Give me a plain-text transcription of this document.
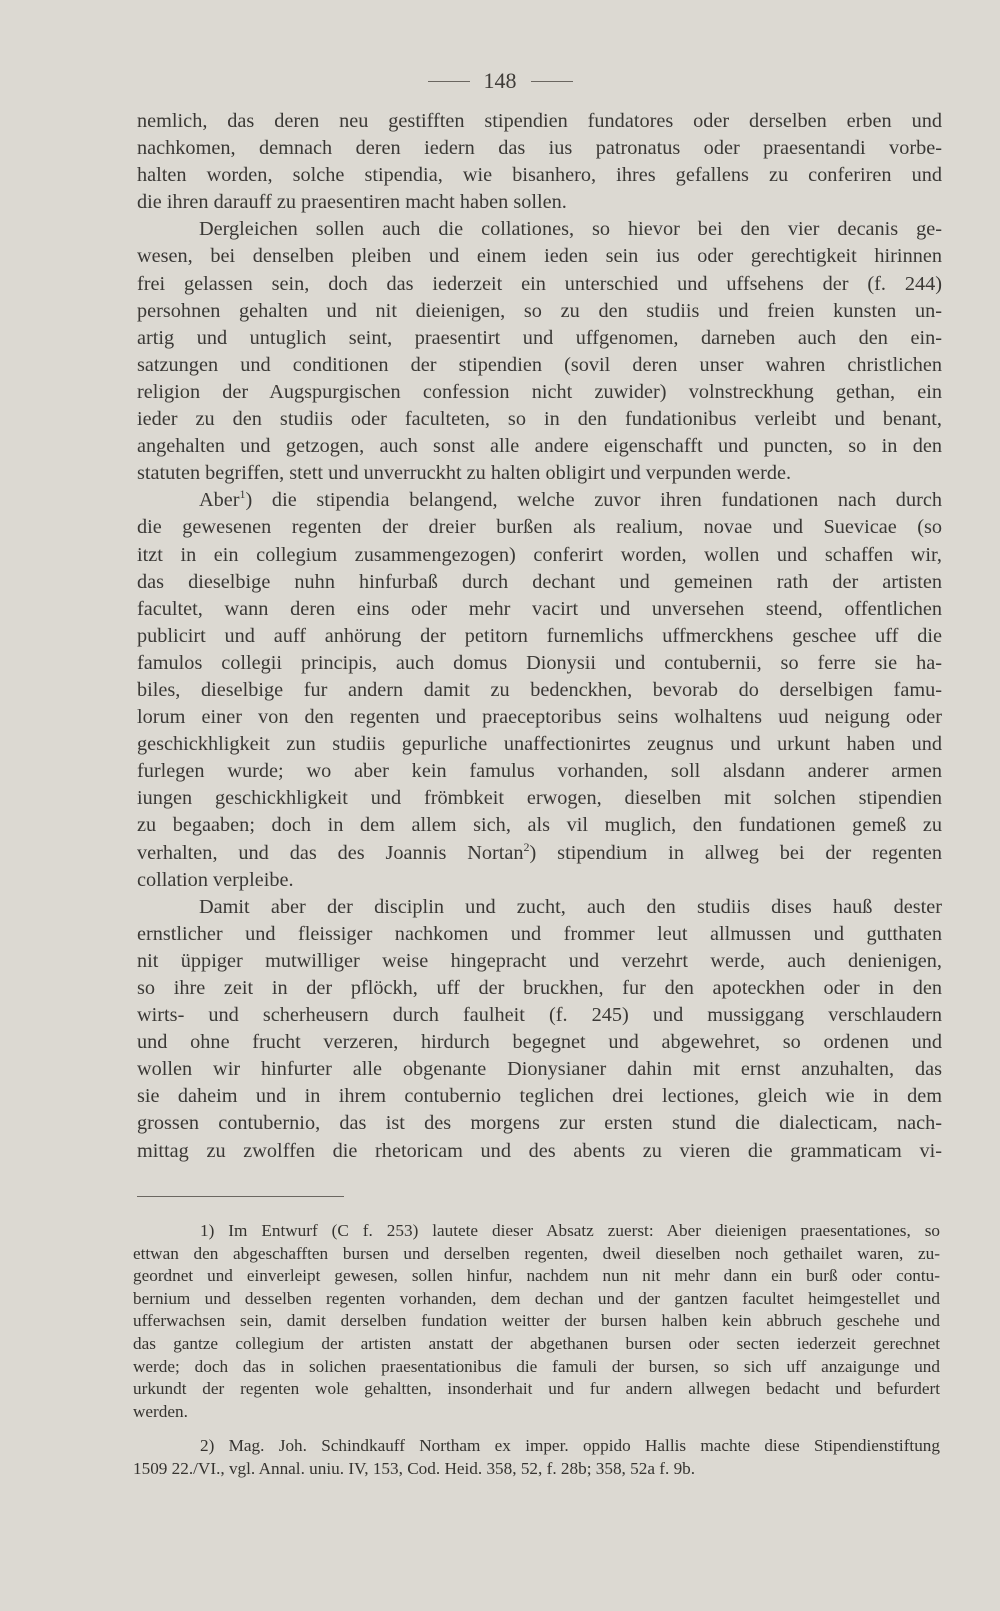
148

nemlich, das deren neu gestifften stipendien fundatores oder derselben erben und
nachkomen, demnach deren iedern das ius patronatus oder praesentandi vorbe-
halten worden, solche stipendia, wie bisanhero, ihres gefallens zu conferiren und
die ihren darauff zu praesentiren macht haben sollen.

Dergleichen sollen auch die collationes, so hievor bei den vier decanis ge-
wesen, bei denselben pleiben und einem ieden sein ius oder gerechtigkeit hirinnen
frei gelassen sein, doch das iederzeit ein unterschied und uffsehens der (f. 244)
persohnen gehalten und nit dieienigen, so zu den studiis und freien kunsten un-
artig und untuglich seint, praesentirt und uffgenomen, darneben auch den ein-
satzungen und conditionen der stipendien (sovil deren unser wahren christlichen
religion der Augspurgischen confession nicht zuwider) volnstreckhung gethan, ein
ieder zu den studiis oder faculteten, so in den fundationibus verleibt und benant,
angehalten und getzogen, auch sonst alle andere eigenschafft und puncten, so in den
statuten begriffen, stett und unverruckht zu halten obligirt und verpunden werde.

Aber$^1$) die stipendia belangend, welche zuvor ihren fundationen nach durch
die gewesenen regenten der dreier burßen als realium, novae und Suevicae (so
itzt in ein collegium zusammengezogen) conferirt worden, wollen und schaffen wir,
das dieselbige nuhn hinfurbaß durch dechant und gemeinen rath der artisten
facultet, wann deren eins oder mehr vacirt und unversehen steend, offentlichen
publicirt und auff anhörung der petitorn furnemlichs uffmerckhens geschee uff die
famulos collegii principis, auch domus Dionysii und contubernii, so ferre sie ha-
biles, dieselbige fur andern damit zu bedenckhen, bevorab do derselbigen famu-
lorum einer von den regenten und praeceptoribus seins wolhaltens uud neigung oder
geschickhligkeit zun studiis gepurliche unaffectionirtes zeugnus und urkunt haben und
furlegen wurde; wo aber kein famulus vorhanden, soll alsdann anderer armen
iungen geschickhligkeit und frömbkeit erwogen, dieselben mit solchen stipendien
zu begaaben; doch in dem allem sich, als vil muglich, den fundationen gemeß zu
verhalten, und das des Joannis Nortan$^2$) stipendium in allweg bei der regenten
collation verpleibe.

Damit aber der disciplin und zucht, auch den studiis dises hauß dester
ernstlicher und fleissiger nachkomen und frommer leut allmussen und gutthaten
nit üppiger mutwilliger weise hingepracht und verzehrt werde, auch denienigen,
so ihre zeit in der pflöckh, uff der bruckhen, fur den apoteckhen oder in den
wirts- und scherheusern durch faulheit (f. 245) und mussiggang verschlaudern
und ohne frucht verzeren, hirdurch begegnet und abgewehret, so ordenen und
wollen wir hinfurter alle obgenante Dionysianer dahin mit ernst anzuhalten, das
sie daheim und in ihrem contubernio teglichen drei lectiones, gleich wie in dem
grossen contubernio, das ist des morgens zur ersten stund die dialecticam, nach-
mittag zu zwolffen die rhetoricam und des abents zu vieren die grammaticam vi-

1) Im Entwurf (C f. 253) lautete dieser Absatz zuerst: Aber dieienigen praesentationes, so
ettwan den abgeschafften bursen und derselben regenten, dweil dieselben noch gethailet waren, zu-
geordnet und einverleipt gewesen, sollen hinfur, nachdem nun nit mehr dann ein burß oder contu-
bernium und desselben regenten vorhanden, dem dechan und der gantzen facultet heimgestellet und
ufferwachsen sein, damit derselben fundation weitter der bursen halben kein abbruch geschehe und
das gantze collegium der artisten anstatt der abgethanen bursen oder secten iederzeit gerechnet
werde; doch das in solichen praesentationibus die famuli der bursen, so sich uff anzaigunge und
urkundt der regenten wole gehaltten, insonderhait und fur andern allwegen bedacht und befurdert
werden.

2) Mag. Joh. Schindkauff Northam ex imper. oppido Hallis machte diese Stipendienstiftung
1509 22./VI., vgl. Annal. uniu. IV, 153, Cod. Heid. 358, 52, f. 28b; 358, 52a f. 9b.
